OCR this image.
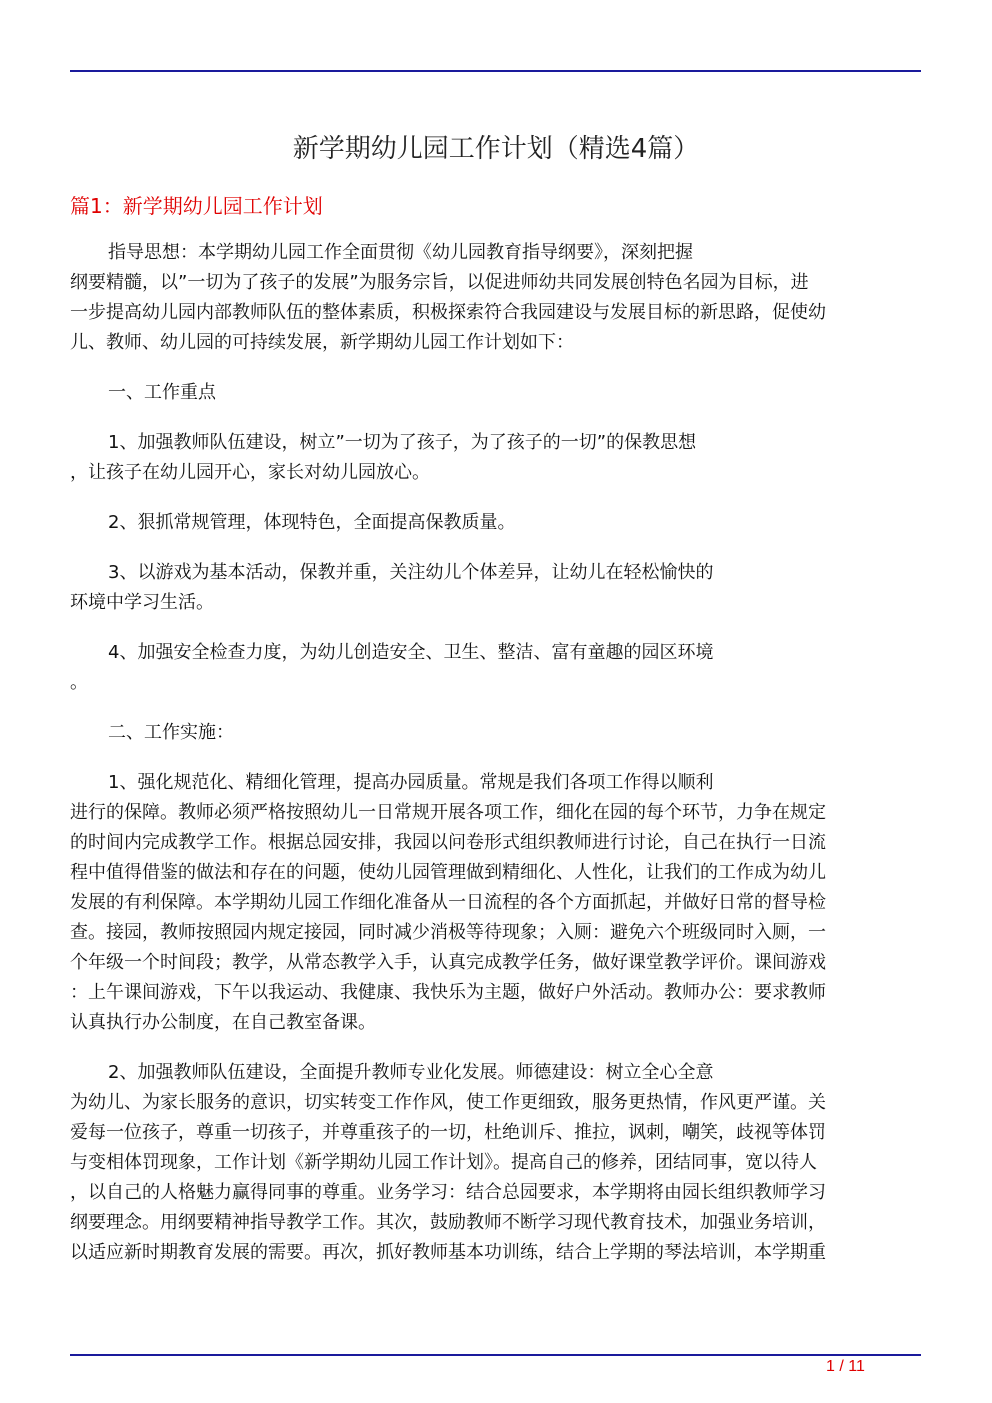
新学期幼儿园工作计划（精选4篇）
篇1：新学期幼儿园工作计划
指导思想：本学期幼儿园工作全面贯彻《幼儿园教育指导纲要》，深刻把握
纲要精髓，以”一切为了孩子的发展”为服务宗旨，以促进师幼共同发展创特色名园为目标，进
一步提高幼儿园内部教师队伍的整体素质，积极探索符合我园建设与发展目标的新思路，促使幼
儿、教师、幼儿园的可持续发展，新学期幼儿园工作计划如下：
一、工作重点
1、加强教师队伍建设，树立”一切为了孩子，为了孩子的一切”的保教思想
，让孩子在幼儿园开心，家长对幼儿园放心。
2、狠抓常规管理，体现特色，全面提高保教质量。
3、以游戏为基本活动，保教并重，关注幼儿个体差异，让幼儿在轻松愉快的
环境中学习生活。
4、加强安全检查力度，为幼儿创造安全、卫生、整洁、富有童趣的园区环境
。
二、工作实施：
1、强化规范化、精细化管理，提高办园质量。常规是我们各项工作得以顺利
进行的保障。教师必须严格按照幼儿一日常规开展各项工作，细化在园的每个环节，力争在规定
的时间内完成教学工作。根据总园安排，我园以问卷形式组织教师进行讨论，自己在执行一日流
程中值得借鉴的做法和存在的问题，使幼儿园管理做到精细化、人性化，让我们的工作成为幼儿
发展的有利保障。本学期幼儿园工作细化准备从一日流程的各个方面抓起，并做好日常的督导检
查。接园，教师按照园内规定接园，同时减少消极等待现象；入厕：避免六个班级同时入厕，一
个年级一个时间段；教学，从常态教学入手，认真完成教学任务，做好课堂教学评价。课间游戏
：上午课间游戏，下午以我运动、我健康、我快乐为主题，做好户外活动。教师办公：要求教师
认真执行办公制度，在自己教室备课。
2、加强教师队伍建设，全面提升教师专业化发展。师德建设：树立全心全意
为幼儿、为家长服务的意识，切实转变工作作风，使工作更细致，服务更热情，作风更严谨。关
爱每一位孩子，尊重一切孩子，并尊重孩子的一切，杜绝训斥、推拉，讽刺，嘲笑，歧视等体罚
与变相体罚现象，工作计划《新学期幼儿园工作计划》。提高自己的修养，团结同事，宽以待人
，以自己的人格魅力赢得同事的尊重。业务学习：结合总园要求，本学期将由园长组织教师学习
纲要理念。用纲要精神指导教学工作。其次，鼓励教师不断学习现代教育技术，加强业务培训，
以适应新时期教育发展的需要。再次，抓好教师基本功训练，结合上学期的琴法培训，本学期重
1 / 11
